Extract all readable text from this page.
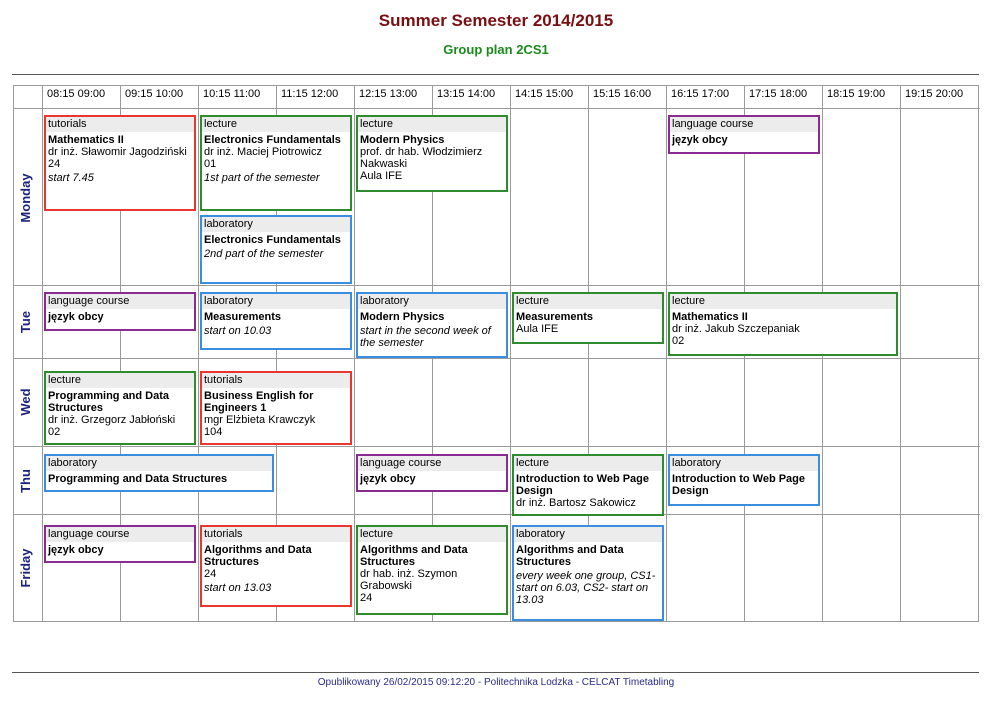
Summer Semester 2014/2015
Group plan 2CS1
08:15 09:00 09:15 10:00 10:15 11:00 11:15 12:00 12:15 13:00 13:15 14:00 14:15 15:00 15:15 16:00 16:15 17:00 17:15 18:00 18:15 19:00 19:15 20:00
Monday
Tue
Wed
Thu
Friday
tutorials
Mathematics II
dr inż. Sławomir Jagodziński
24
start 7.45
lecture
Electronics Fundamentals
dr inż. Maciej Piotrowicz
01
1st part of the semester
laboratory
Electronics Fundamentals
2nd part of the semester
lecture
Modern Physics
prof. dr hab. Włodzimierz Nakwaski
Aula IFE
language course
język obcy
language course
język obcy
laboratory
Measurements
start on 10.03
laboratory
Modern Physics
start in the second week of the semester
lecture
Measurements
Aula IFE
lecture
Mathematics II
dr inż. Jakub Szczepaniak
02
lecture
Programming and Data Structures
dr inż. Grzegorz Jabłoński
02
tutorials
Business English for Engineers 1
mgr Elżbieta Krawczyk
104
laboratory
Programming and Data Structures
language course
język obcy
lecture
Introduction to Web Page Design
dr inż. Bartosz Sakowicz
laboratory
Introduction to Web Page Design
language course
język obcy
tutorials
Algorithms and Data Structures
24
start on 13.03
lecture
Algorithms and Data Structures
dr hab. inż. Szymon Grabowski
24
laboratory
Algorithms and Data Structures
every week one group, CS1- start on 6.03, CS2- start on 13.03
Opublikowany 26/02/2015 09:12:20 - Politechnika Lodzka - CELCAT Timetabling
